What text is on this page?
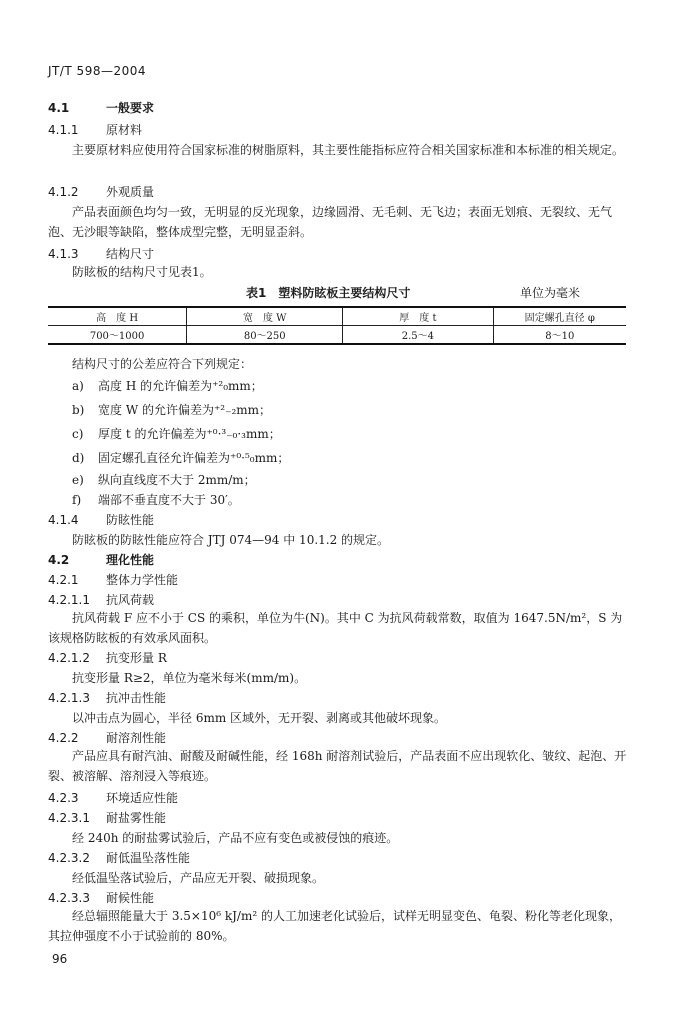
JT/T 598—2004
4.1	一般要求
4.1.1 原材料
主要原材料应使用符合国家标准的树脂原料，其主要性能指标应符合相关国家标准和本标准的相关规定。
4.1.2 外观质量
产品表面颜色均匀一致，无明显的反光现象，边缘圆滑、无毛刺、无飞边；表面无划痕、无裂纹、无气泡、无沙眼等缺陷，整体成型完整，无明显歪斜。
4.1.3 结构尺寸
防眩板的结构尺寸见表1。
表1　塑料防眩板主要结构尺寸	单位为毫米
高　度 H	宽　度 W	厚　度 t	固定螺孔直径 φ
700～1000	80～250	2.5～4	8～10
结构尺寸的公差应符合下列规定：
a) 高度 H 的允许偏差为⁺²₀mm；
b) 宽度 W 的允许偏差为⁺²₋₂mm；
c) 厚度 t 的允许偏差为⁺⁰·³₋₀·₃mm；
d) 固定螺孔直径允许偏差为⁺⁰·⁵₀mm；
e) 纵向直线度不大于 2mm/m；
f) 端部不垂直度不大于 30′。
4.1.4 防眩性能
防眩板的防眩性能应符合 JTJ 074—94 中 10.1.2 的规定。
4.2	理化性能
4.2.1 整体力学性能
4.2.1.1 抗风荷载
抗风荷载 F 应不小于 CS 的乘积，单位为牛(N)。其中 C 为抗风荷载常数，取值为 1647.5N/m²，S 为该规格防眩板的有效承风面积。
4.2.1.2 抗变形量 R
抗变形量 R≥2，单位为毫米每米(mm/m)。
4.2.1.3 抗冲击性能
以冲击点为圆心，半径 6mm 区域外，无开裂、剥离或其他破坏现象。
4.2.2 耐溶剂性能
产品应具有耐汽油、耐酸及耐碱性能，经 168h 耐溶剂试验后，产品表面不应出现软化、皱纹、起泡、开裂、被溶解、溶剂浸入等痕迹。
4.2.3 环境适应性能
4.2.3.1 耐盐雾性能
经 240h 的耐盐雾试验后，产品不应有变色或被侵蚀的痕迹。
4.2.3.2 耐低温坠落性能
经低温坠落试验后，产品应无开裂、破损现象。
4.2.3.3 耐候性能
经总辐照能量大于 3.5×10⁶ kJ/m² 的人工加速老化试验后，试样无明显变色、龟裂、粉化等老化现象，其拉伸强度不小于试验前的 80%。
96
